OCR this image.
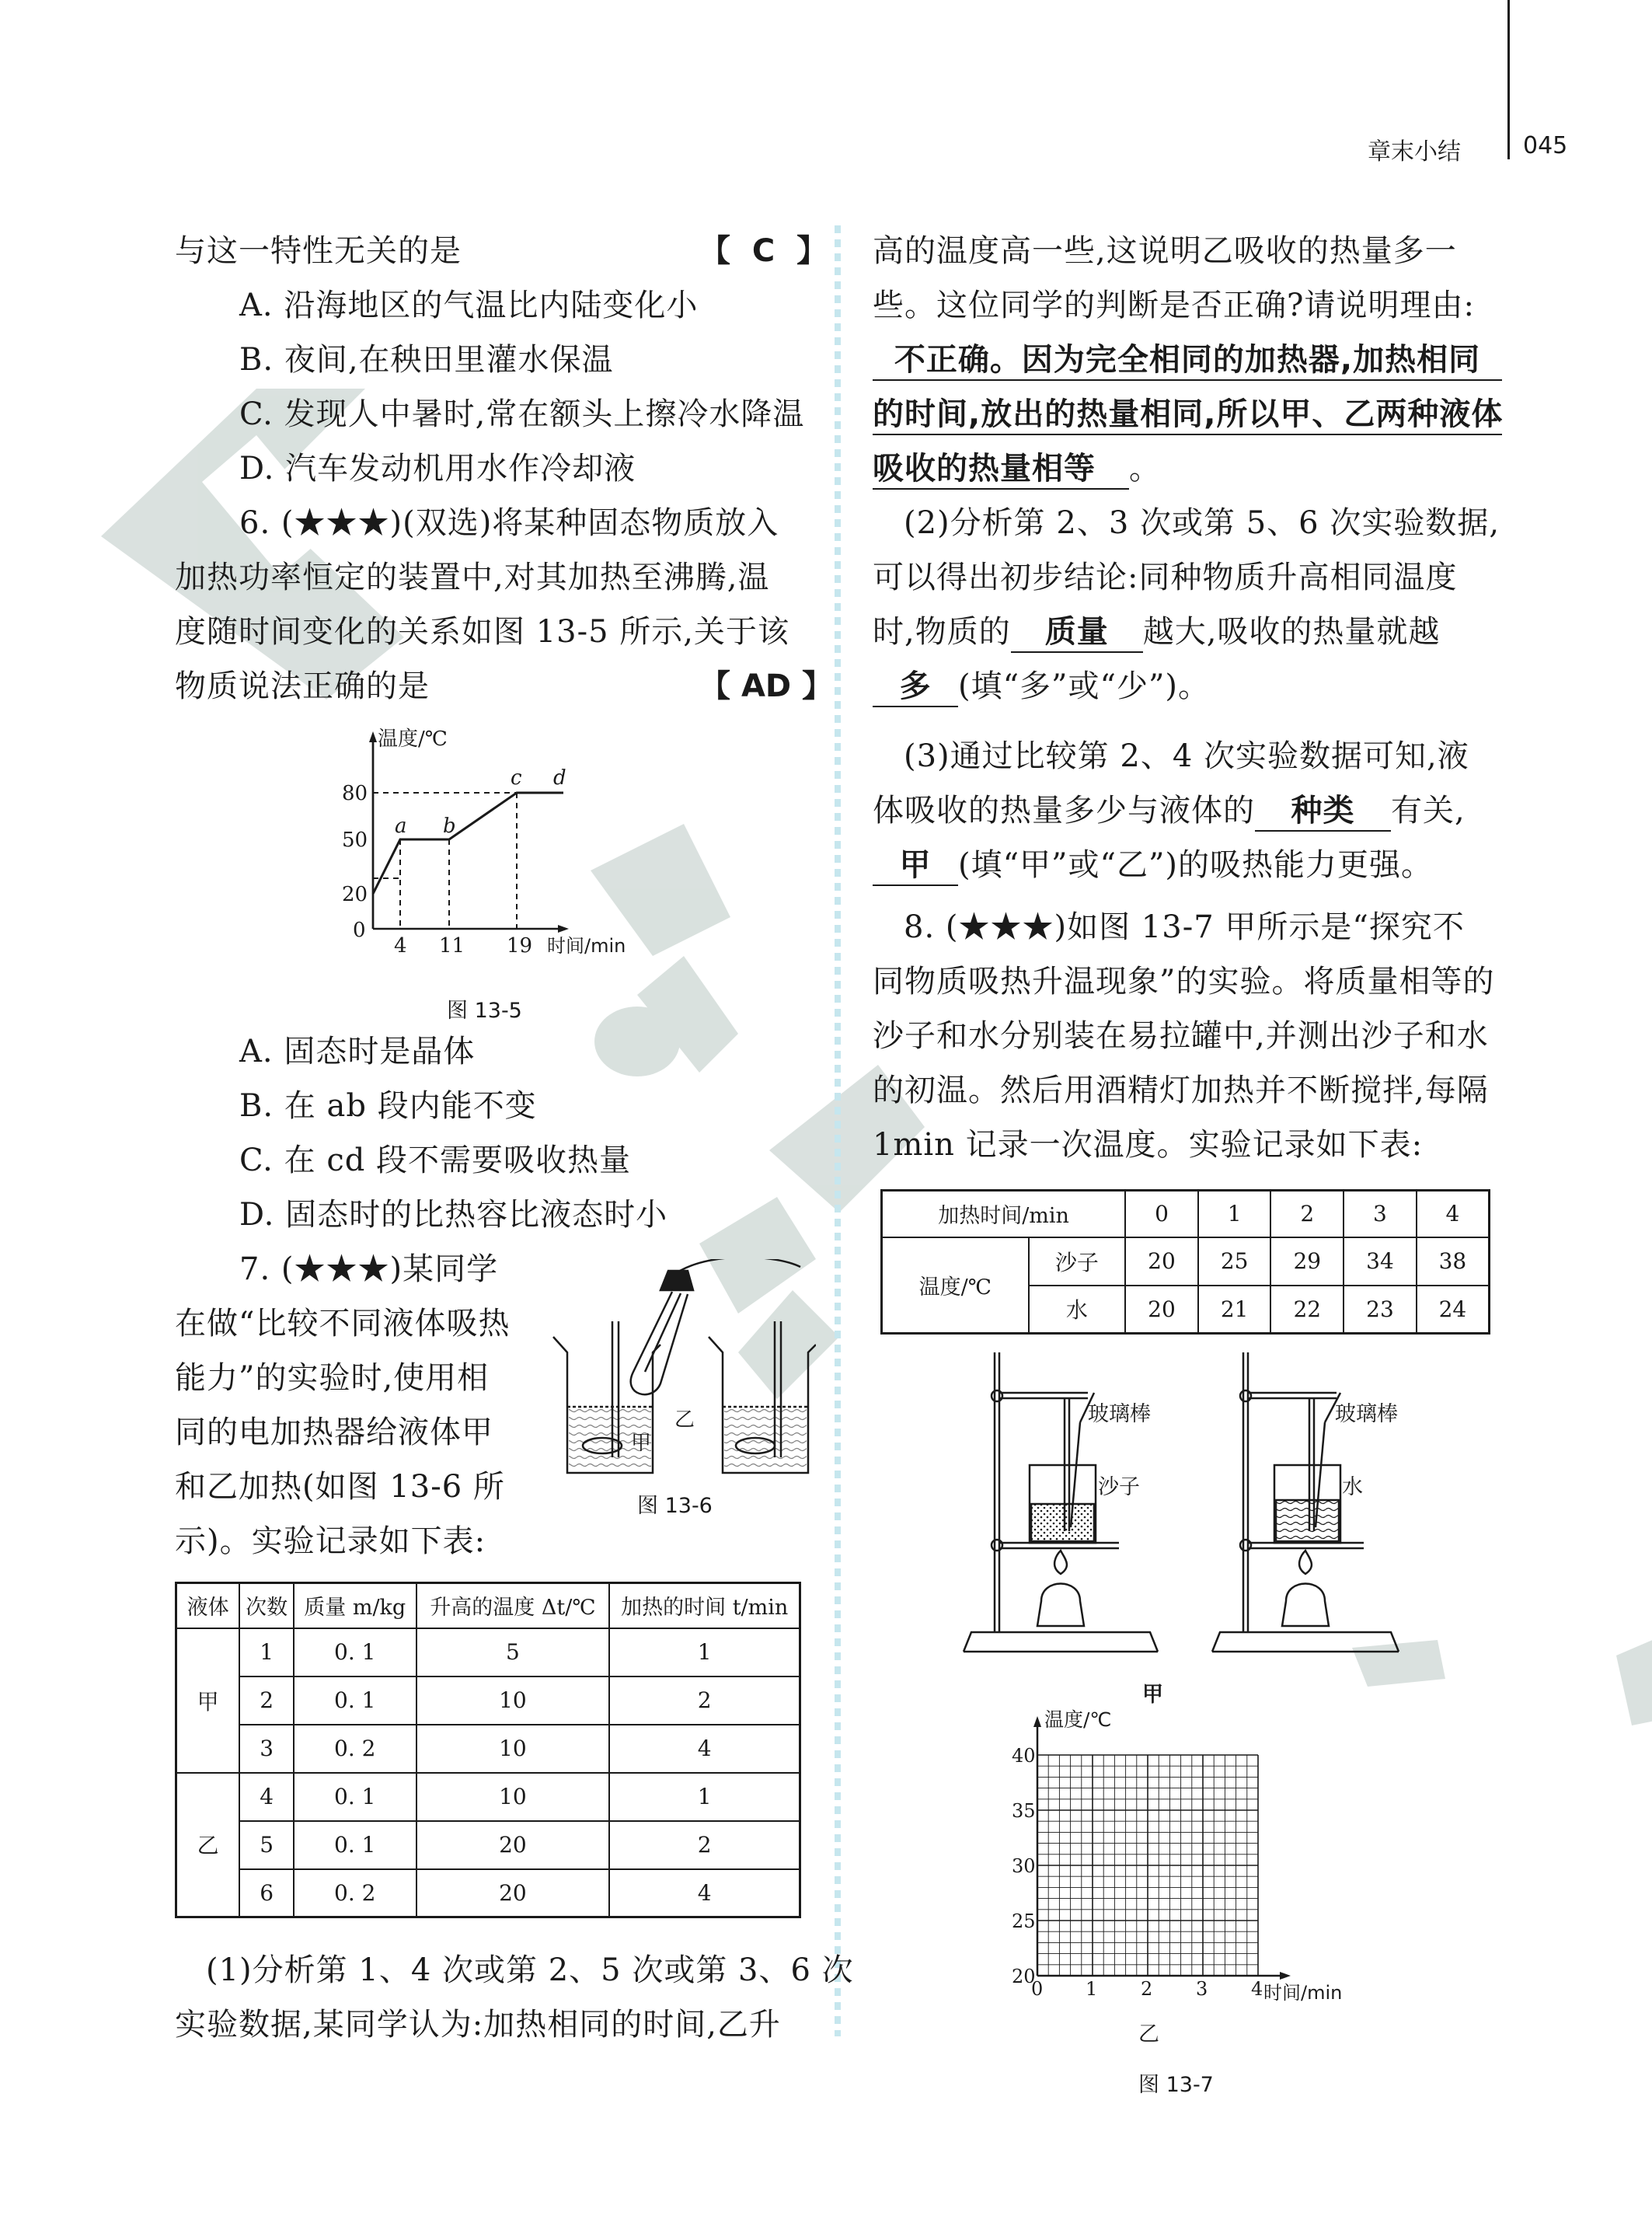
章末小结	045
与这一特性无关的是	【  C  】
A. 沿海地区的气温比内陆变化小
B. 夜间,在秧田里灌水保温
C. 发现人中暑时,常在额头上擦冷水降温
D. 汽车发动机用水作冷却液
6. (★★★)(双选)将某种固态物质放入
加热功率恒定的装置中,对其加热至沸腾,温
度随时间变化的关系如图 13-5 所示,关于该
物质说法正确的是	【 AD 】
温度/℃
80
50
20
0
4 11 19 时间/min
a b
c d
图 13-5
A. 固态时是晶体
B. 在 ab 段内能不变
C. 在 cd 段不需要吸收热量
D. 固态时的比热容比液态时小
7. (★★★)某同学
在做“比较不同液体吸热
能力”的实验时,使用相
同的电加热器给液体甲
和乙加热(如图 13-6 所
示)。实验记录如下表:
甲
乙
图 13-6
液体	次数	质量 m/kg	升高的温度 Δt/℃	加热的时间 t/min
甲	1	0. 1	5	1
	2	0. 1	10	2
	3	0. 2	10	4
乙	4	0. 1	10	1
	5	0. 1	20	2
	6	0. 2	20	4
(1)分析第 1、4 次或第 2、5 次或第 3、6 次
实验数据,某同学认为:加热相同的时间,乙升
高的温度高一些,这说明乙吸收的热量多一
些。这位同学的判断是否正确?请说明理由:
不正确。因为完全相同的加热器,加热相同
的时间,放出的热量相同,所以甲、乙两种液体
吸收的热量相等 。
(2)分析第 2、3 次或第 5、6 次实验数据,
可以得出初步结论:同种物质升高相同温度
时,物质的 质量 越大,吸收的热量就越
多 (填“多”或“少”)。
(3)通过比较第 2、4 次实验数据可知,液
体吸收的热量多少与液体的 种类 有关,
甲 (填“甲”或“乙”)的吸热能力更强。
8. (★★★)如图 13-7 甲所示是“探究不
同物质吸热升温现象”的实验。将质量相等的
沙子和水分别装在易拉罐中,并测出沙子和水
的初温。然后用酒精灯加热并不断搅拌,每隔
1min 记录一次温度。实验记录如下表:
加热时间/min		0	1	2	3	4
温度/℃	沙子	20	25	29	34	38
	水	20	21	22	23	24
玻璃棒
沙子
玻璃棒
水
甲
温度/℃
40
35
30
25
20
0 1 2 3 4 时间/min
乙
图 13-7
